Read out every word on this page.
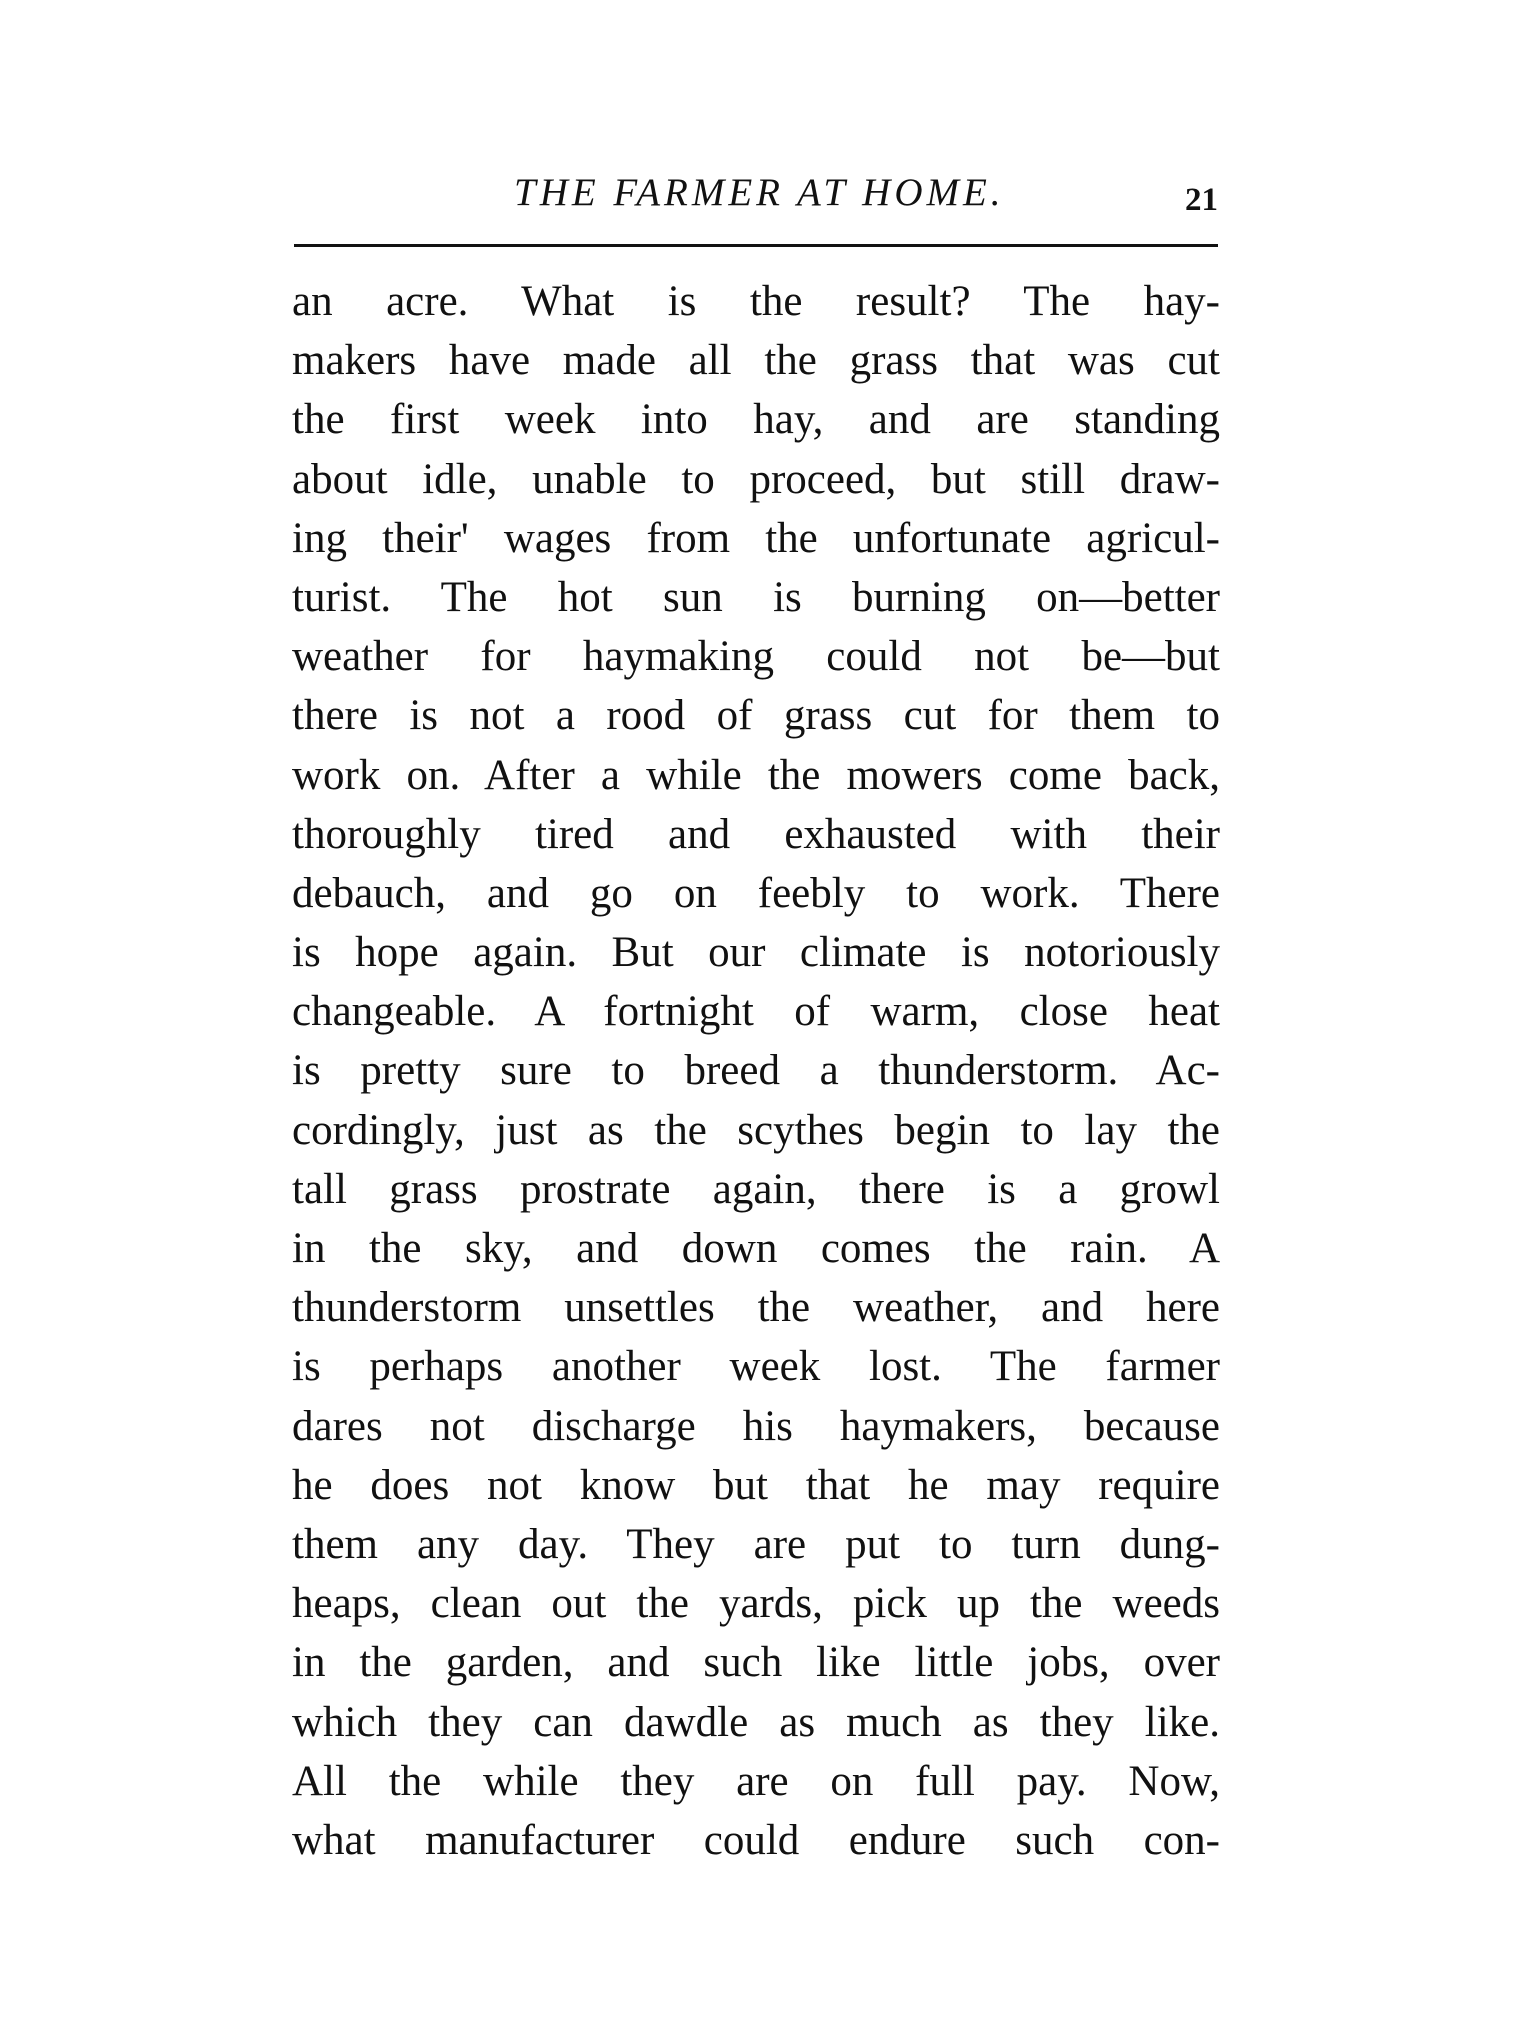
THE FARMER AT HOME.	21
an acre. What is the result? The hay-
makers have made all the grass that was cut
the first week into hay, and are standing
about idle, unable to proceed, but still draw-
ing their' wages from the unfortunate agricul-
turist. The hot sun is burning on—better
weather for haymaking could not be—but
there is not a rood of grass cut for them to
work on. After a while the mowers come back,
thoroughly tired and exhausted with their
debauch, and go on feebly to work. There
is hope again. But our climate is notoriously
changeable. A fortnight of warm, close heat
is pretty sure to breed a thunderstorm. Ac-
cordingly, just as the scythes begin to lay the
tall grass prostrate again, there is a growl
in the sky, and down comes the rain. A
thunderstorm unsettles the weather, and here
is perhaps another week lost. The farmer
dares not discharge his haymakers, because
he does not know but that he may require
them any day. They are put to turn dung-
heaps, clean out the yards, pick up the weeds
in the garden, and such like little jobs, over
which they can dawdle as much as they like.
All the while they are on full pay. Now,
what manufacturer could endure such con-
